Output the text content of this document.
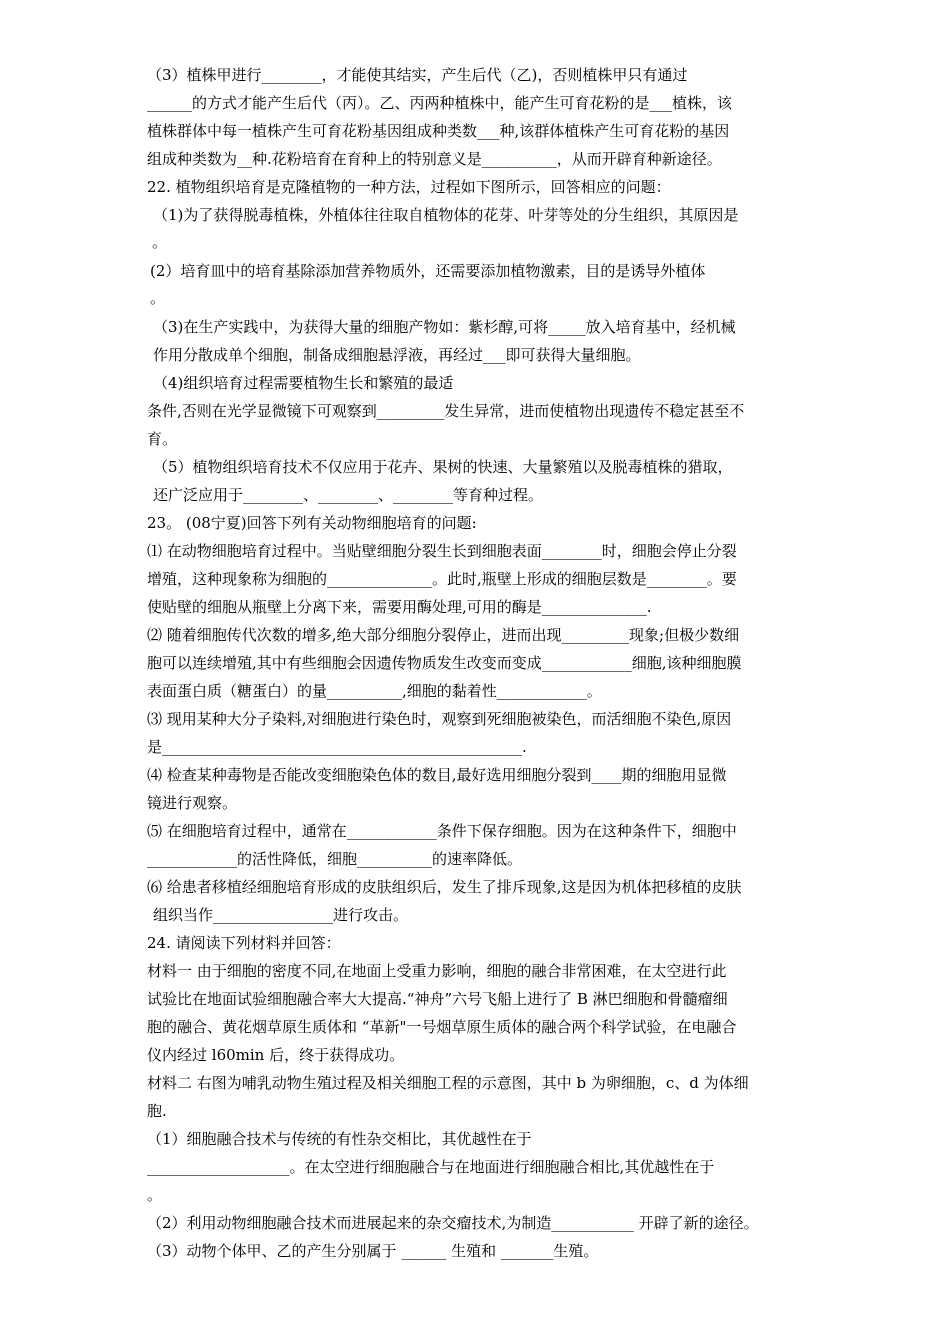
（3）植株甲进行________，才能使其结实，产生后代（乙)，否则植株甲只有通过
______的方式才能产生后代（丙）。乙、丙两种植株中，能产生可育花粉的是___植株，该
植株群体中每一植株产生可育花粉基因组成种类数___种,该群体植株产生可育花粉的基因
组成种类数为__种.花粉培育在育种上的特别意义是__________，从而开辟育种新途径。
22. 植物组织培育是克隆植物的一种方法，过程如下图所示，回答相应的问题：
（1)为了获得脱毒植株，外植体往往取自植物体的花芽、叶芽等处的分生组织，其原因是
。
(2）培育皿中的培育基除添加营养物质外，还需要添加植物激素，目的是诱导外植体
。
（3)在生产实践中，为获得大量的细胞产物如：紫杉醇,可将_____放入培育基中，经机械
作用分散成单个细胞，制备成细胞悬浮液，再经过___即可获得大量细胞。
（4)组织培育过程需要植物生长和繁殖的最适
条件,否则在光学显微镜下可观察到_________发生异常，进而使植物出现遗传不稳定甚至不
育。
（5）植物组织培育技术不仅应用于花卉、果树的快速、大量繁殖以及脱毒植株的猎取，
还广泛应用于________、________、________等育种过程。
23。 (08宁夏)回答下列有关动物细胞培育的问题:
⑴ 在动物细胞培育过程中。当贴壁细胞分裂生长到细胞表面________时，细胞会停止分裂
增殖，这种现象称为细胞的______________。此时,瓶壁上形成的细胞层数是________。要
使贴壁的细胞从瓶壁上分离下来，需要用酶处理,可用的酶是______________.
⑵ 随着细胞传代次数的增多,绝大部分细胞分裂停止，进而出现_________现象;但极少数细
胞可以连续增殖,其中有些细胞会因遗传物质发生改变而变成____________细胞,该种细胞膜
表面蛋白质（糖蛋白）的量__________,细胞的黏着性____________。
⑶ 现用某种大分子染料,对细胞进行染色时，观察到死细胞被染色，而活细胞不染色,原因
是________________________________________________.
⑷ 检查某种毒物是否能改变细胞染色体的数目,最好选用细胞分裂到____期的细胞用显微
镜进行观察。
⑸ 在细胞培育过程中，通常在____________条件下保存细胞。因为在这种条件下，细胞中
____________的活性降低，细胞__________的速率降低。
⑹ 给患者移植经细胞培育形成的皮肤组织后，发生了排斥现象,这是因为机体把移植的皮肤
组织当作________________进行攻击。
24. 请阅读下列材料并回答：
材料一 由于细胞的密度不同,在地面上受重力影响，细胞的融合非常困难，在太空进行此
试验比在地面试验细胞融合率大大提高.“神舟”六号飞船上进行了 B 淋巴细胞和骨髓瘤细
胞的融合、黄花烟草原生质体和 “革新"一号烟草原生质体的融合两个科学试验，在电融合
仪内经过 l60min 后，终于获得成功。
材料二 右图为哺乳动物生殖过程及相关细胞工程的示意图，其中 b 为卵细胞，c、d 为体细
胞.
（1）细胞融合技术与传统的有性杂交相比，其优越性在于
___________________。在太空进行细胞融合与在地面进行细胞融合相比,其优越性在于
。
（2）利用动物细胞融合技术而进展起来的杂交瘤技术,为制造___________ 开辟了新的途径。
（3）动物个体甲、乙的产生分别属于 ______ 生殖和 _______生殖。
